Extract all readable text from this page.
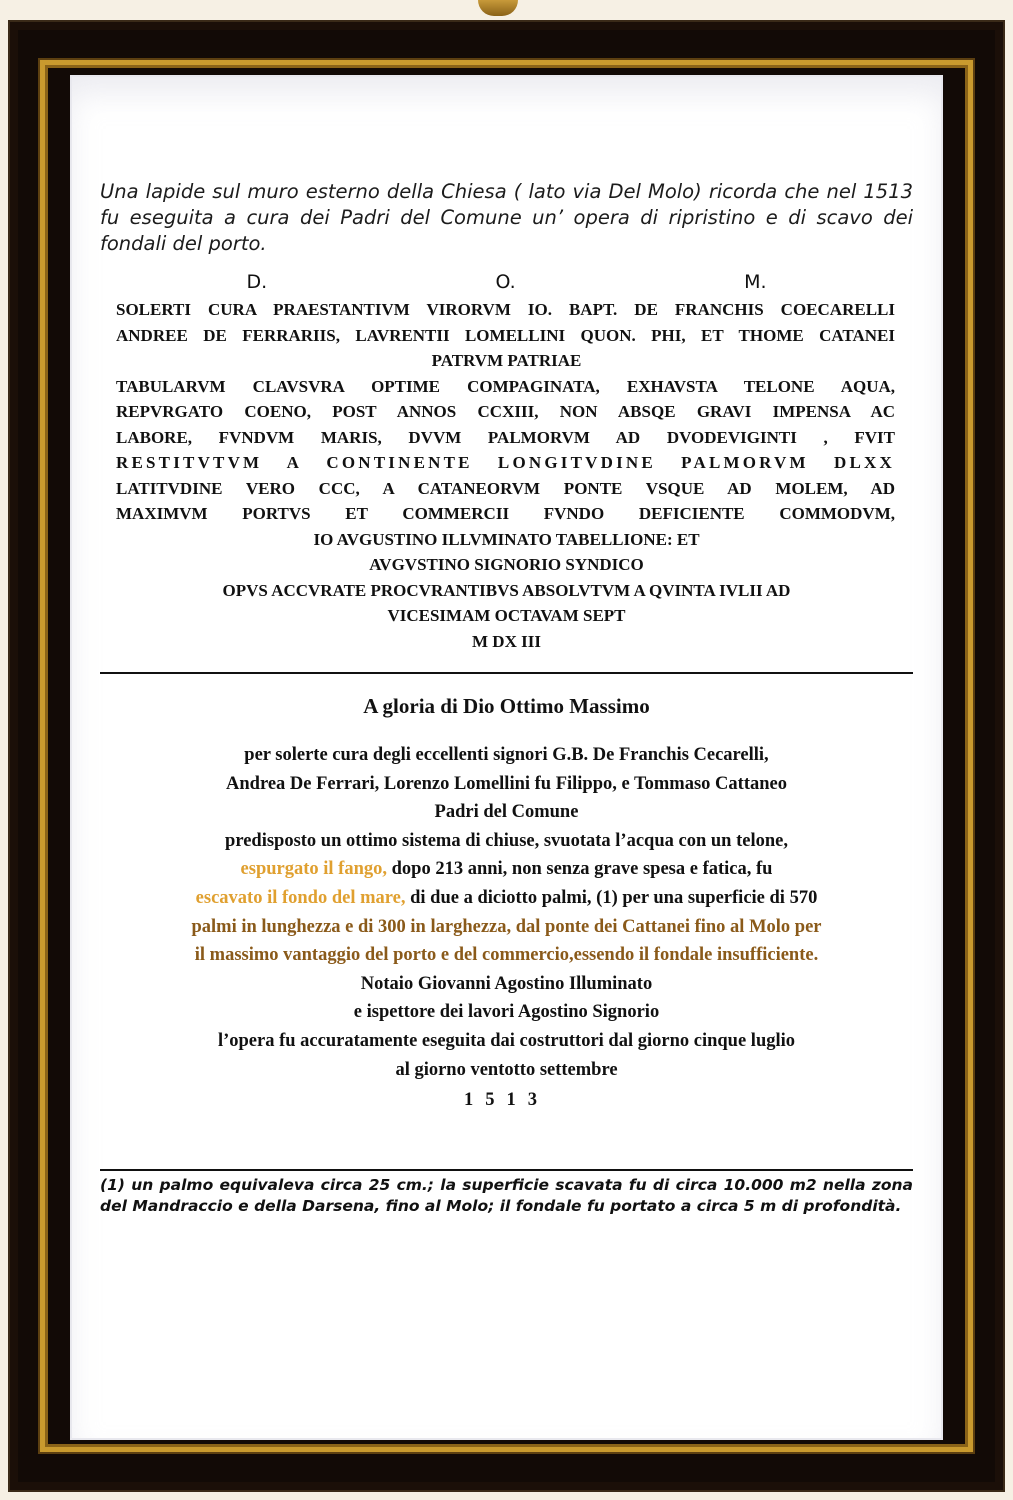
Una lapide sul muro esterno della Chiesa ( lato via Del Molo) ricorda che nel 1513 fu eseguita a cura dei Padri del Comune un’ opera di ripristino e di scavo dei fondali del porto.

D.	O.	M.
SOLERTI CURA PRAESTANTIVM VIRORVM IO. BAPT. DE FRANCHIS COECARELLI
ANDREE DE FERRARIIS, LAVRENTII LOMELLINI QUON. PHI, ET THOME CATANEI
PATRVM PATRIAE
TABULARVM CLAVSVRA OPTIME COMPAGINATA, EXHAVSTA TELONE AQUA,
REPVRGATO COENO, POST ANNOS CCXIII, NON ABSQE GRAVI IMPENSA AC
LABORE, FVNDVM MARIS, DVVM PALMORVM AD DVODEVIGINTI , FVIT
RESTITVTVM A CONTINENTE LONGITVDINE PALMORVM DLXX
LATITVDINE VERO CCC, A CATANEORVM PONTE VSQUE AD MOLEM, AD
MAXIMVM PORTVS ET COMMERCII FVNDO DEFICIENTE COMMODVM,
IO AVGUSTINO ILLVMINATO TABELLIONE: ET
AVGVSTINO SIGNORIO SYNDICO
OPVS ACCVRATE PROCVRANTIBVS ABSOLVTVM A QVINTA IVLII AD
VICESIMAM OCTAVAM SEPT
M DX III
A gloria di Dio Ottimo Massimo
per solerte cura degli eccellenti signori G.B. De Franchis Cecarelli,
Andrea De Ferrari, Lorenzo Lomellini fu Filippo, e Tommaso Cattaneo
Padri del Comune
predisposto un ottimo sistema di chiuse, svuotata l’acqua con un telone,
espurgato il fango, dopo 213 anni, non senza grave spesa e fatica, fu
escavato il fondo del mare, di due a diciotto palmi, (1) per una superficie di 570
palmi in lunghezza e di 300 in larghezza, dal ponte dei Cattanei fino al Molo per
il massimo vantaggio del porto e del commercio,essendo il fondale insufficiente.
Notaio Giovanni Agostino Illuminato
e ispettore dei lavori Agostino Signorio
l’opera fu accuratamente eseguita dai costruttori dal giorno cinque luglio
al giorno ventotto settembre
1513

(1) un palmo equivaleva circa 25 cm.; la superficie scavata fu di circa 10.000 m2 nella zona del Mandraccio e della Darsena, fino al Molo; il fondale fu portato a circa 5 m di profondità.
